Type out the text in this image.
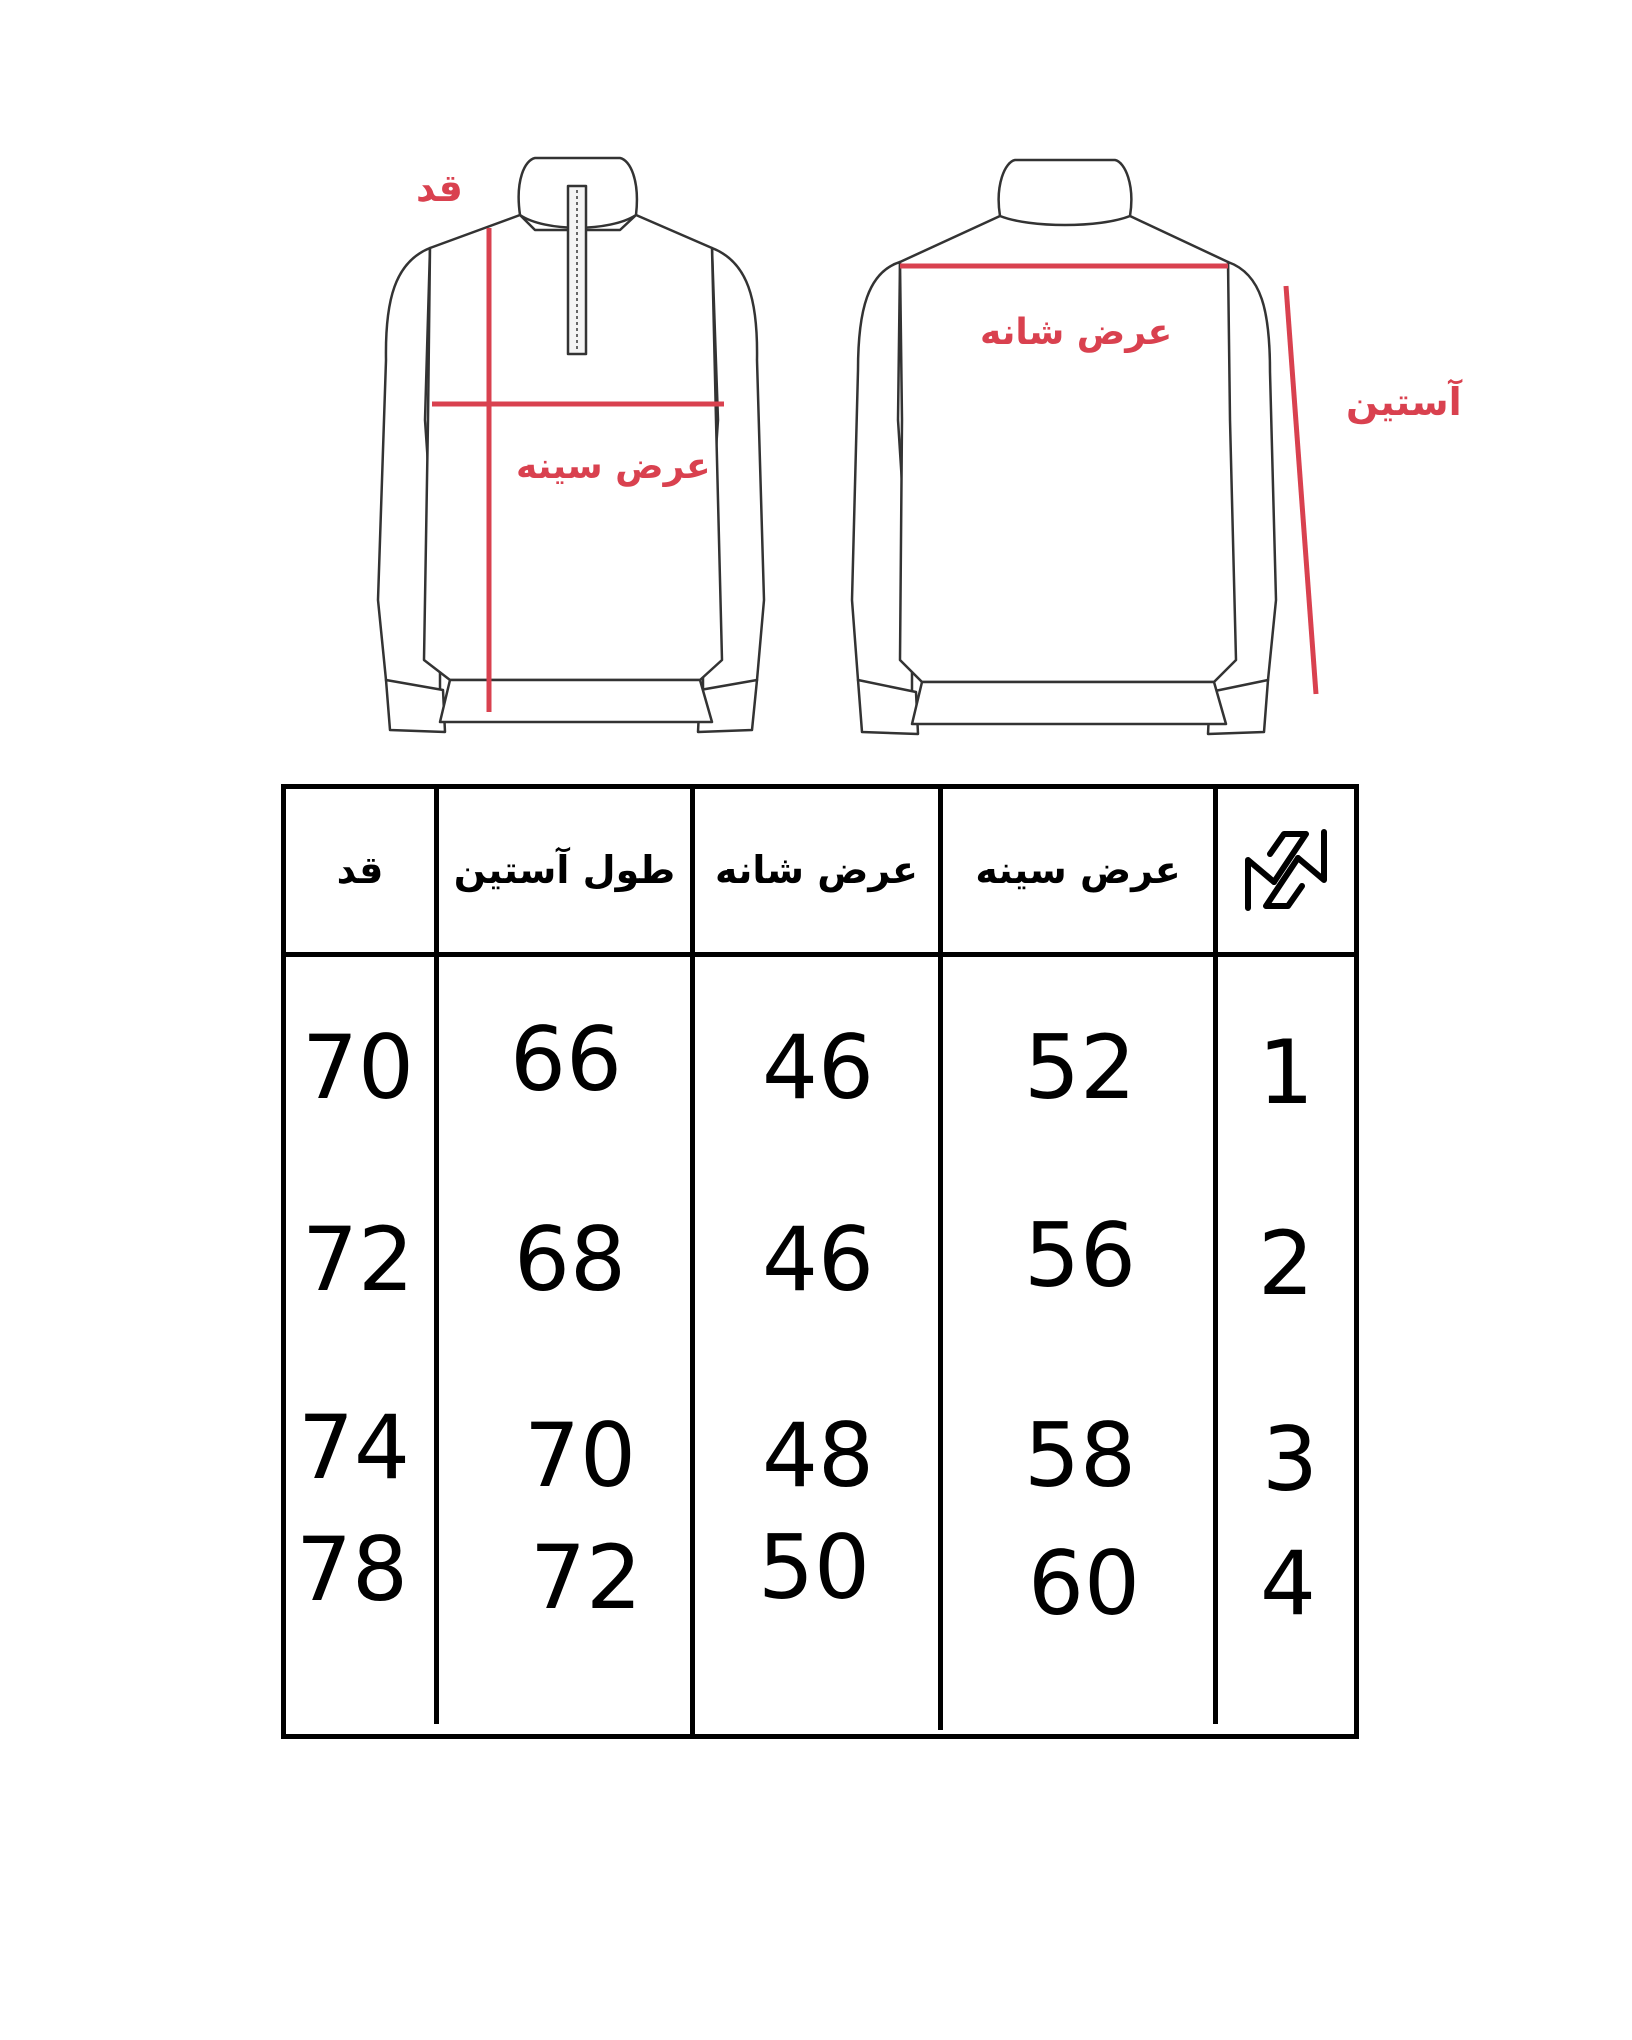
قد
عرض سینه
عرض شانه
آستین
قد	طول آستین	عرض شانه	عرض سینه
70 66 46 52 1
72 68 46 56 2
74 70 48 58 3
78 72 50 60 4
